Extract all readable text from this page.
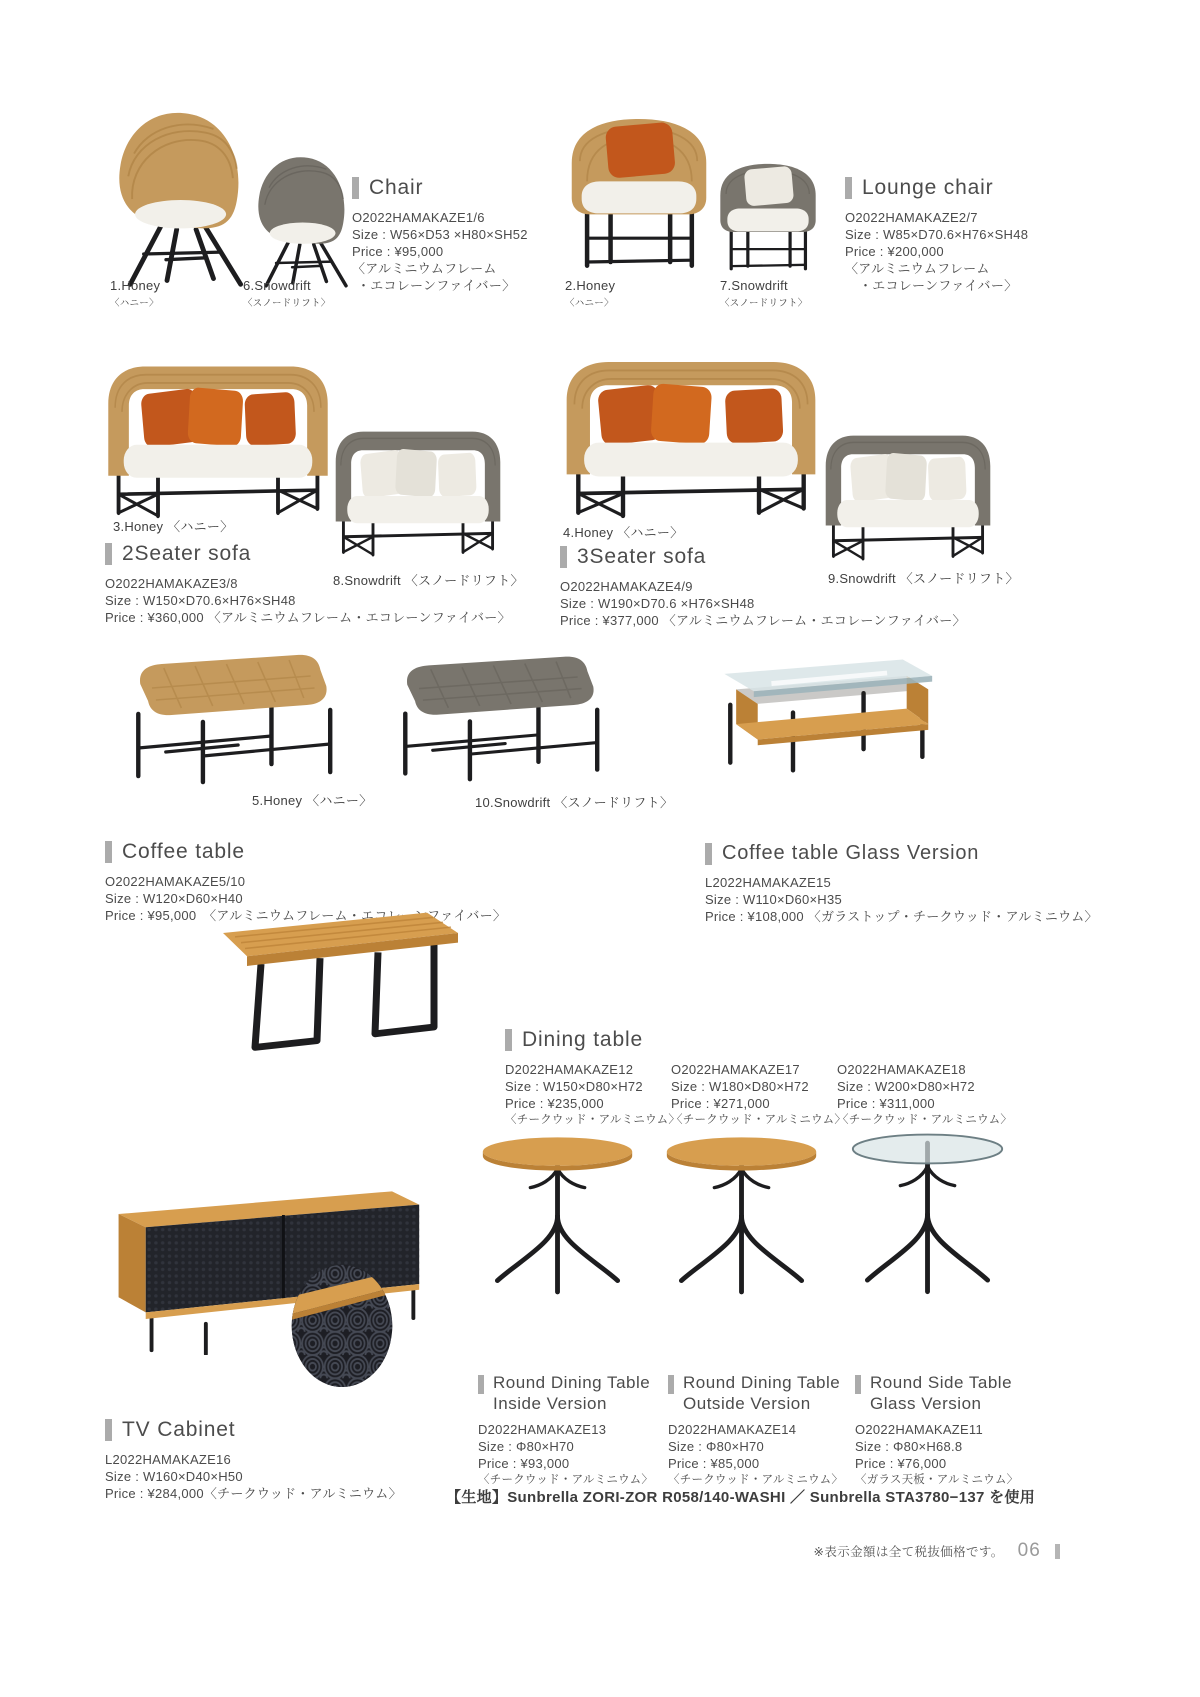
1.Honey
〈ハニー〉
6.Snowdrift
〈スノードリフト〉
Chair
O2022HAMAKAZE1/6
Size : W56×D53 ×H80×SH52
Price : ¥95,000
〈アルミニウムフレーム
・エコレーンファイバー〉	2.Honey
〈ハニー〉
7.Snowdrift
〈スノードリフト〉
Lounge chair
O2022HAMAKAZE2/7
Size : W85×D70.6×H76×SH48
Price : ¥200,000
〈アルミニウムフレーム
・エコレーンファイバー〉
3.Honey 〈ハニー〉
8.Snowdrift 〈スノードリフト〉
2Seater sofa
O2022HAMAKAZE3/8
Size : W150×D70.6×H76×SH48
Price : ¥360,000 〈アルミニウムフレーム・エコレーンファイバー〉
4.Honey 〈ハニー〉
9.Snowdrift 〈スノードリフト〉
3Seater sofa
O2022HAMAKAZE4/9
Size : W190×D70.6 ×H76×SH48
Price : ¥377,000 〈アルミニウムフレーム・エコレーンファイバー〉
5.Honey 〈ハニー〉	10.Snowdrift 〈スノードリフト〉
Coffee table
O2022HAMAKAZE5/10
Size : W120×D60×H40
Price : ¥95,000　〈アルミニウムフレーム・エコレーンファイバー〉
Coffee table Glass Version
L2022HAMAKAZE15
Size : W110×D60×H35
Price : ¥108,000 〈ガラストップ・チークウッド・アルミニウム〉
Dining table
D2022HAMAKAZE12
Size : W150×D80×H72
Price : ¥235,000
〈チークウッド・アルミニウム〉
O2022HAMAKAZE17
Size : W180×D80×H72
Price : ¥271,000
〈チークウッド・アルミニウム〉
O2022HAMAKAZE18
Size : W200×D80×H72
Price : ¥311,000
〈チークウッド・アルミニウム〉
TV Cabinet
L2022HAMAKAZE16
Size : W160×D40×H50
Price : ¥284,000〈チークウッド・アルミニウム〉
Round Dining Table
Inside Version
D2022HAMAKAZE13
Size : Φ80×H70
Price : ¥93,000
〈チークウッド・アルミニウム〉
Round Dining Table
Outside Version
D2022HAMAKAZE14
Size : Φ80×H70
Price : ¥85,000
〈チークウッド・アルミニウム〉
Round Side Table
Glass Version
O2022HAMAKAZE11
Size : Φ80×H68.8
Price : ¥76,000
〈ガラス天板・アルミニウム〉
【生地】Sunbrella ZORI-ZOR R058/140-WASHI ／ Sunbrella STA3780−137 を使用
※表示金額は全て税抜価格です。 06
